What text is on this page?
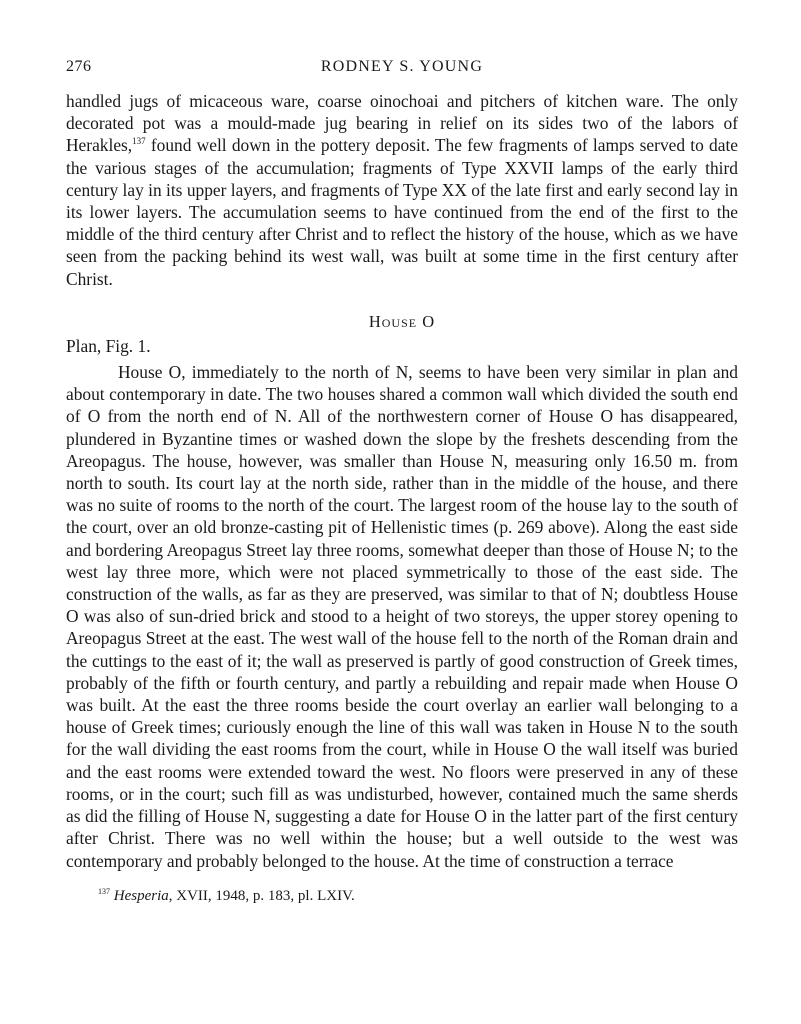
276	RODNEY S. YOUNG

handled jugs of micaceous ware, coarse oinochoai and pitchers of kitchen ware. The only decorated pot was a mould-made jug bearing in relief on its sides two of the labors of Herakles,$^{137}$ found well down in the pottery deposit. The few fragments of lamps served to date the various stages of the accumulation; fragments of Type XXVII lamps of the early third century lay in its upper layers, and fragments of Type XX of the late first and early second lay in its lower layers. The accumulation seems to have continued from the end of the first to the middle of the third century after Christ and to reflect the history of the house, which as we have seen from the packing behind its west wall, was built at some time in the first century after Christ.

House O
Plan, Fig. 1.

House O, immediately to the north of N, seems to have been very similar in plan and about contemporary in date. The two houses shared a common wall which divided the south end of O from the north end of N. All of the northwestern corner of House O has disappeared, plundered in Byzantine times or washed down the slope by the freshets descending from the Areopagus. The house, however, was smaller than House N, measuring only 16.50 m. from north to south. Its court lay at the north side, rather than in the middle of the house, and there was no suite of rooms to the north of the court. The largest room of the house lay to the south of the court, over an old bronze-casting pit of Hellenistic times (p. 269 above). Along the east side and bordering Areopagus Street lay three rooms, somewhat deeper than those of House N; to the west lay three more, which were not placed symmetrically to those of the east side. The construction of the walls, as far as they are preserved, was similar to that of N; doubtless House O was also of sun-dried brick and stood to a height of two storeys, the upper storey opening to Areopagus Street at the east. The west wall of the house fell to the north of the Roman drain and the cuttings to the east of it; the wall as preserved is partly of good construction of Greek times, probably of the fifth or fourth century, and partly a rebuilding and repair made when House O was built. At the east the three rooms beside the court overlay an earlier wall belonging to a house of Greek times; curiously enough the line of this wall was taken in House N to the south for the wall dividing the east rooms from the court, while in House O the wall itself was buried and the east rooms were extended toward the west. No floors were preserved in any of these rooms, or in the court; such fill as was undisturbed, however, contained much the same sherds as did the filling of House N, suggesting a date for House O in the latter part of the first century after Christ. There was no well within the house; but a well outside to the west was contemporary and probably belonged to the house. At the time of construction a terrace

$^{137}$ Hesperia, XVII, 1948, p. 183, pl. LXIV.
